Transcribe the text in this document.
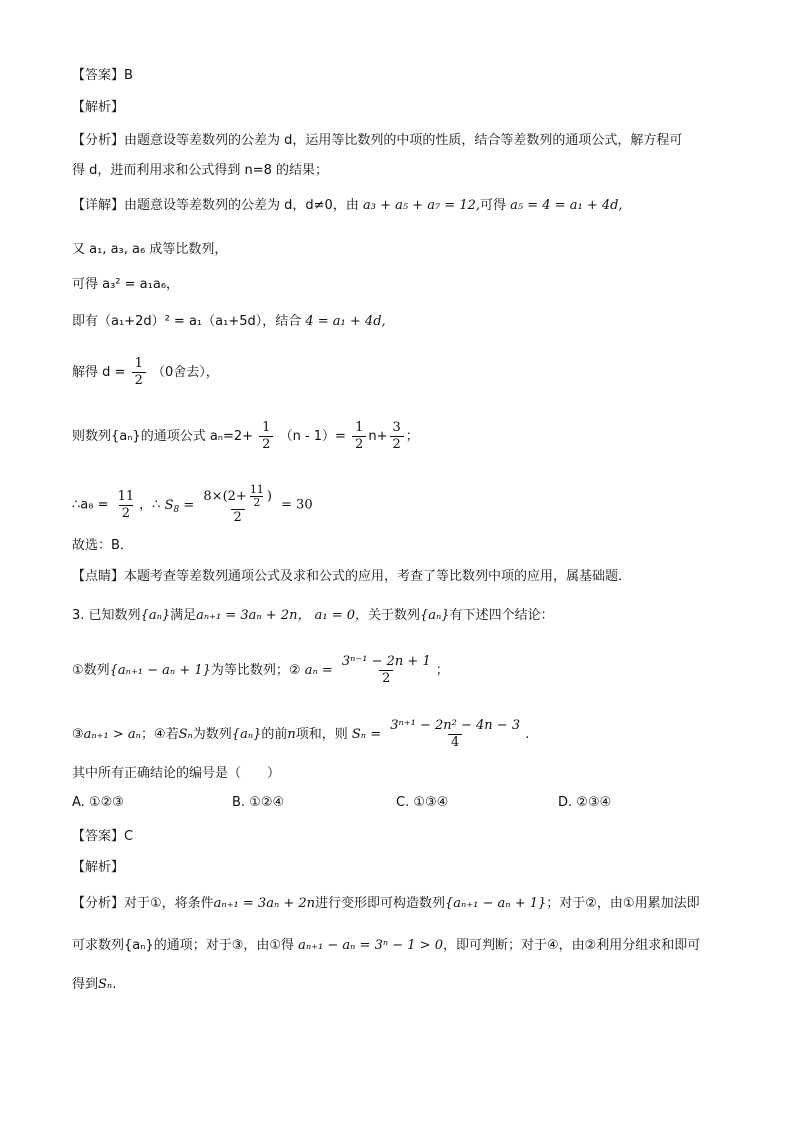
【答案】B
【解析】
【分析】由题意设等差数列的公差为 d，运用等比数列的中项的性质，结合等差数列的通项公式，解方程可
得 d，进而利用求和公式得到 n=8 的结果；
【详解】由题意设等差数列的公差为 d，d≠0，由 a₃ + a₅ + a₇ = 12,可得 a₅ = 4 = a₁ + 4d,
又 a₁, a₃, a₆ 成等比数列，
可得 a₃² = a₁a₆，
即有（a₁+2d）² = a₁（a₁+5d），结合 4 = a₁ + 4d,
解得 $d = \frac{1}{2} (0$舍去），
则数列{aₙ}的通项公式 $a_n=2+ \frac{1}{2} (n - 1)= \frac{1}{2} n+ \frac{3}{2}$ ；
∴a₈ = $\frac{11}{2}$ ，∴ $S_8 = \frac{8\times(2+ \frac{11}{2} )}{2} = 30$
故选：B．
【点睛】本题考查等差数列通项公式及求和公式的应用，考查了等比数列中项的应用，属基础题．
3. 已知数列{aₙ}满足aₙ₊₁ = 3aₙ + 2n， a₁ = 0，关于数列{aₙ}有下述四个结论：
①数列{aₙ₊₁ − aₙ + 1}为等比数列；② $a_n = \frac{\text{3ⁿ⁻¹ − 2n + 1}}{2}$ ；
③aₙ₊₁ > aₙ；④若Sₙ为数列{aₙ}的前n项和，则 $S_n = \frac{\text{3ⁿ⁺¹ − 2n² − 4n − 3}}{4}$ .
其中所有正确结论的编号是（　　）
A. ①②③	B. ①②④	C. ①③④	D. ②③④
【答案】C
【解析】
【分析】对于①，将条件aₙ₊₁ = 3aₙ + 2n进行变形即可构造数列{aₙ₊₁ − aₙ + 1}；对于②，由①用累加法即
可求数列{aₙ}的通项；对于③，由①得 aₙ₊₁ − aₙ = 3ⁿ − 1 > 0，即可判断；对于④，由②利用分组求和即可
得到Sₙ.
